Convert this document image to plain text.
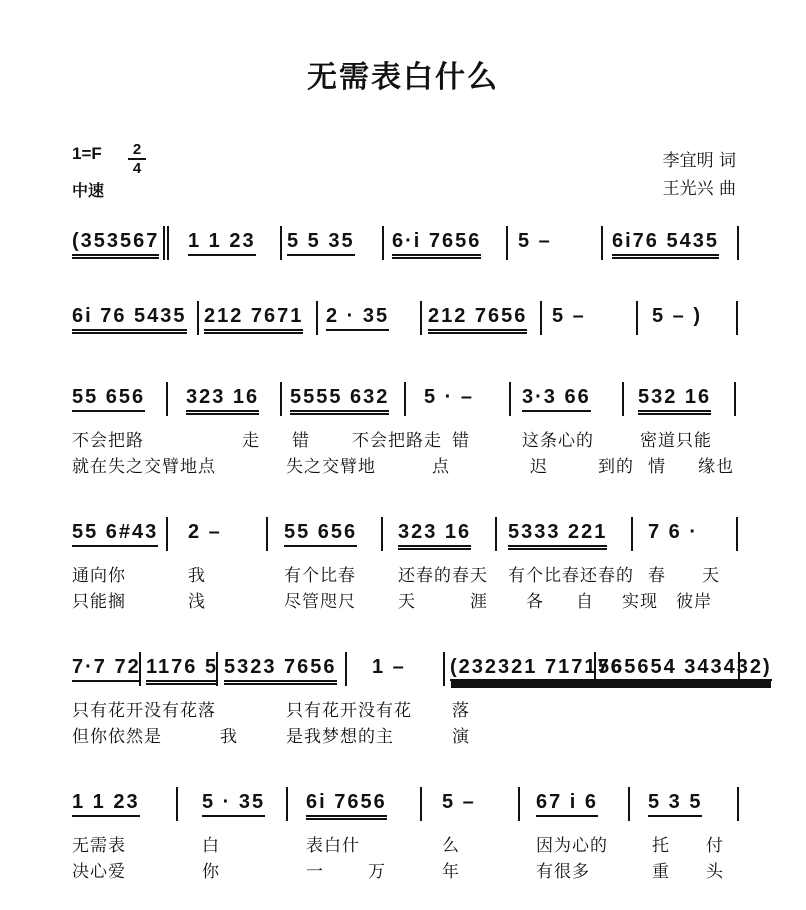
无需表白什么
1=F	2
4
中速
李宜明 词
王光兴 曲
(353567 1 1 23 5 5 35 6·i 7656 5 –	6i76 5435
6i 76 5435 212 7671 2 · 35 212 7656 5 –	5 – )
55 656 323 16 5555 632 5 · – 3·3 66 532 16
不会把路	走 错 不会把路走 错	这条心的	密道只能
就在失之交臂地点	失之交臂地	点	迟	到的 情 缘也
55 6#43 2 –	55 656 323 16 5333 221 7 6 ·
通向你	我	有个比春 还春的春天 有个比春还春的 春 天
只能搁	浅	尽管咫尺 天	涯 各 自 实现 彼岸
7·7 72 1176 5 5323 7656 1 – (232321 717176
565654 343432)
只有花开没有花落	只有花开没有花 落
但你依然是	我	是我梦想的主	演
1 1 23	5 · 35 6i 7656	5 –	67 i 6 5 3 5
无需表	白	表白什	么	因为心的	托 付
决心爱	你	一	万	年	有很多	重 头
